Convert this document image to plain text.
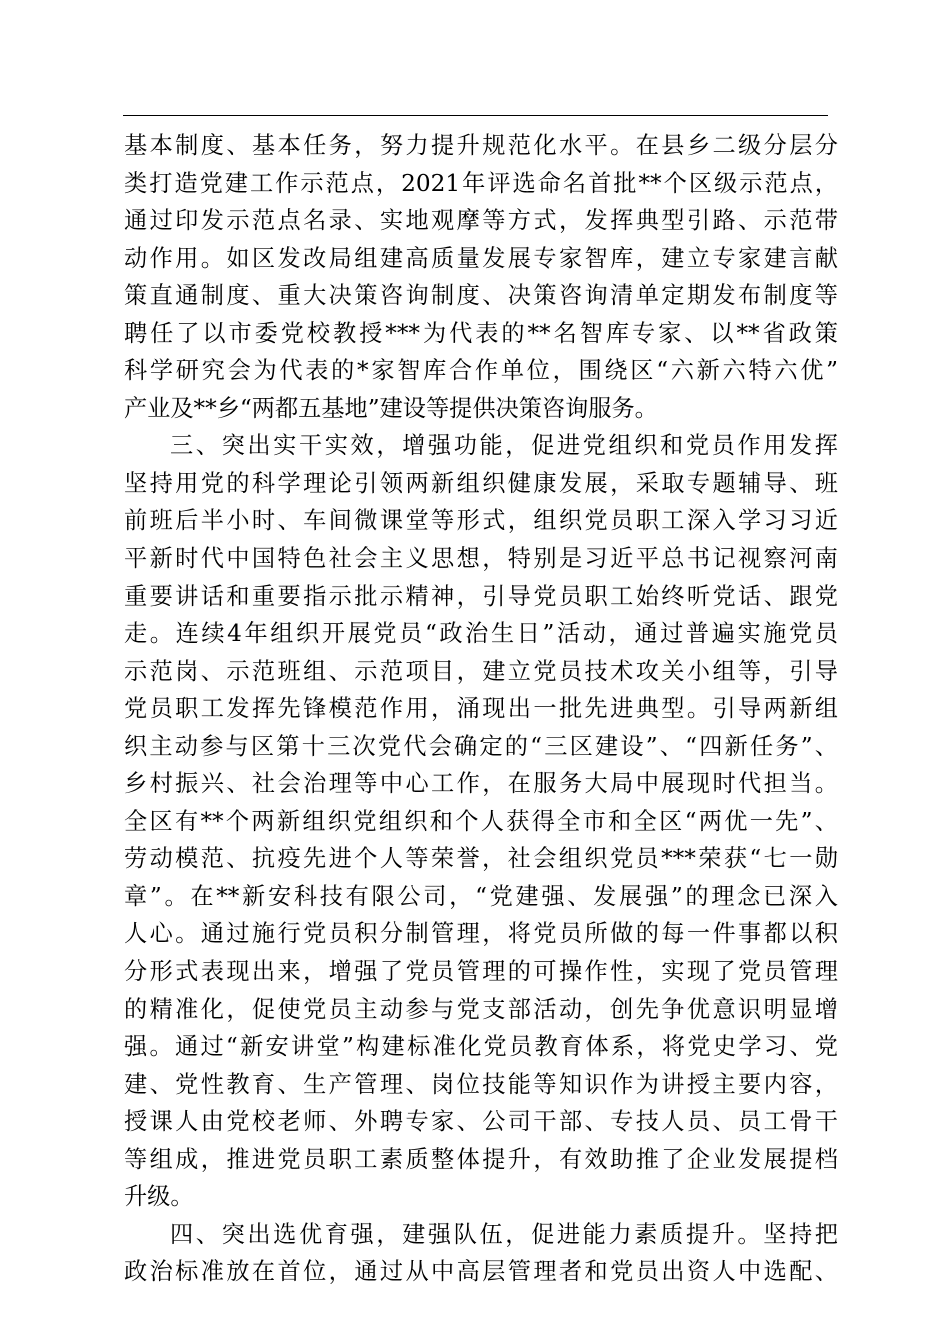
基本制度、基本任务，努力提升规范化水平。在县乡二级分层分
类打造党建工作示范点，2021年评选命名首批**个区级示范点，
通过印发示范点名录、实地观摩等方式，发挥典型引路、示范带
动作用。如区发改局组建高质量发展专家智库，建立专家建言献
策直通制度、重大决策咨询制度、决策咨询清单定期发布制度等
聘任了以市委党校教授***为代表的**名智库专家、以**省政策
科学研究会为代表的*家智库合作单位，围绕区“六新六特六优”
产业及**乡“两都五基地”建设等提供决策咨询服务。
三、突出实干实效，增强功能，促进党组织和党员作用发挥
坚持用党的科学理论引领两新组织健康发展，采取专题辅导、班
前班后半小时、车间微课堂等形式，组织党员职工深入学习习近
平新时代中国特色社会主义思想，特别是习近平总书记视察河南
重要讲话和重要指示批示精神，引导党员职工始终听党话、跟党
走。连续4年组织开展党员“政治生日”活动，通过普遍实施党员
示范岗、示范班组、示范项目，建立党员技术攻关小组等，引导
党员职工发挥先锋模范作用，涌现出一批先进典型。引导两新组
织主动参与区第十三次党代会确定的“三区建设”、“四新任务”、
乡村振兴、社会治理等中心工作，在服务大局中展现时代担当。
全区有**个两新组织党组织和个人获得全市和全区“两优一先”、
劳动模范、抗疫先进个人等荣誉，社会组织党员***荣获“七一勋
章”。在**新安科技有限公司，“党建强、发展强”的理念已深入
人心。通过施行党员积分制管理，将党员所做的每一件事都以积
分形式表现出来，增强了党员管理的可操作性，实现了党员管理
的精准化，促使党员主动参与党支部活动，创先争优意识明显增
强。通过“新安讲堂”构建标准化党员教育体系，将党史学习、党
建、党性教育、生产管理、岗位技能等知识作为讲授主要内容，
授课人由党校老师、外聘专家、公司干部、专技人员、员工骨干
等组成，推进党员职工素质整体提升，有效助推了企业发展提档
升级。
四、突出选优育强，建强队伍，促进能力素质提升。坚持把
政治标准放在首位，通过从中高层管理者和党员出资人中选配、
